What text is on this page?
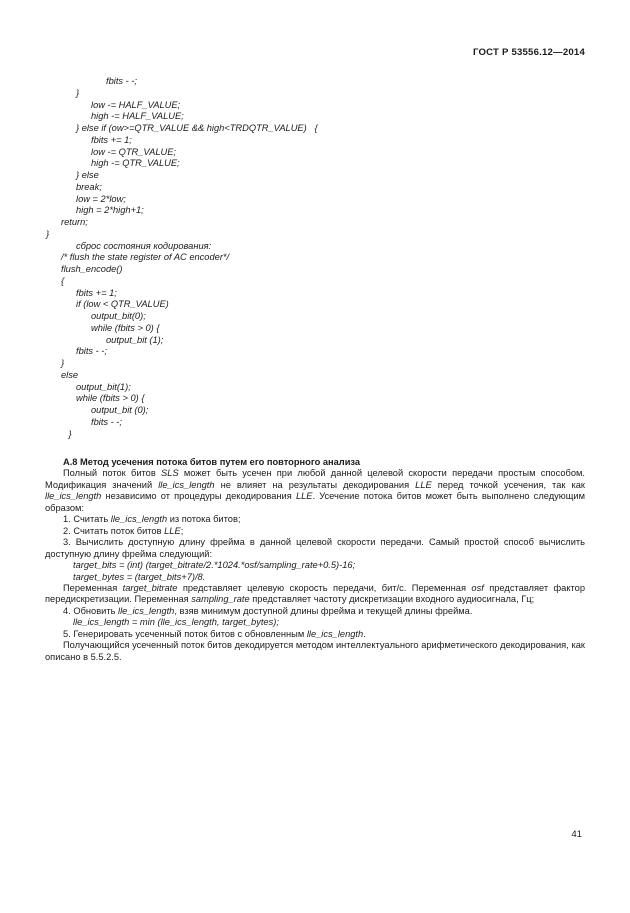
ГОСТ Р 53556.12—2014
fbits - -;
}
low -= HALF_VALUE;
high -= HALF_VALUE;
} else if (ow>=QTR_VALUE && high<TRDQTR_VALUE)   {
fbits += 1;
low -= QTR_VALUE;
high -= QTR_VALUE;
} else
break;
low = 2*low;
high = 2*high+1;
return;
}
сброс состояния кодирования:
/* flush the state register of AC encoder*/
flush_encode()
{
fbits += 1;
if (low < QTR_VALUE)
output_bit(0);
while (fbits > 0) {
output_bit (1);
fbits - -;
}
else
output_bit(1);
while (fbits > 0) {
output_bit (0);
fbits - -;
}
А.8 Метод усечения потока битов путем его повторного анализа

Полный поток битов SLS может быть усечен при любой данной целевой скорости передачи простым способом. Модификация значений lle_ics_length не влияет на результаты декодирования LLE перед точкой усечения, так как lle_ics_length независимо от процедуры декодирования LLE. Усечение потока битов может быть выполнено следующим образом:

1. Считать lle_ics_length из потока битов;

2. Считать поток битов LLE;

3. Вычислить доступную длину фрейма в данной целевой скорости передачи. Самый простой способ вычислить доступную длину фрейма следующий:

target_bits = (int) (target_bitrate/2.*1024.*osf/sampling_rate+0.5)-16;

target_bytes = (target_bits+7)/8.

Переменная target_bitrate представляет целевую скорость передачи, бит/с. Переменная osf представляет фактор передискретизации. Переменная sampling_rate представляет частоту дискретизации входного аудиосигнала, Гц;

4. Обновить lle_ics_length, взяв минимум доступной длины фрейма и текущей длины фрейма.

lle_ics_length = min (lle_ics_length, target_bytes);

5. Генерировать усеченный поток битов с обновленным lle_ics_length.

Получающийся усеченный поток битов декодируется методом интеллектуального арифметического декодирования, как описано в 5.5.2.5.

41
